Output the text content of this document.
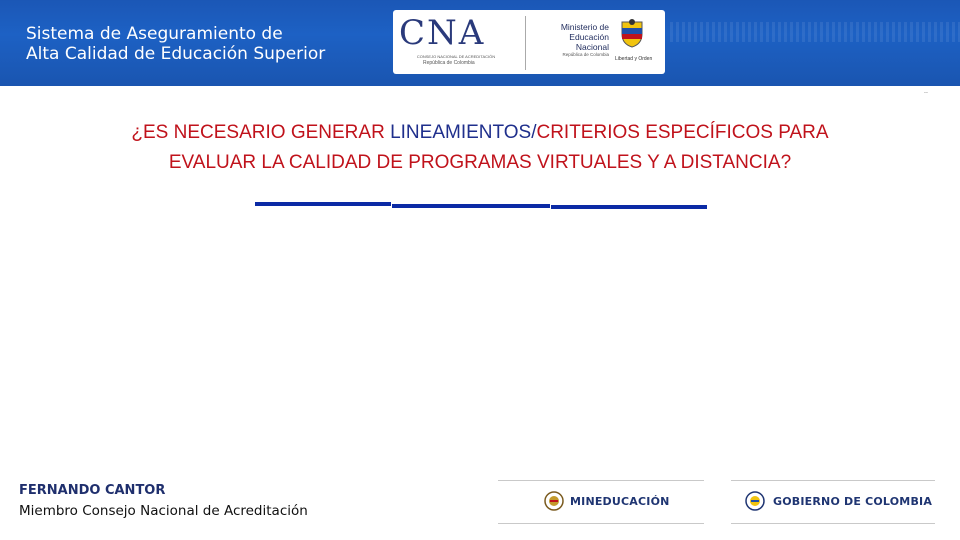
Sistema de Aseguramiento de
Alta Calidad de Educación Superior
CNA
CONSEJO NACIONAL DE ACREDITACIÓN
República de Colombia
Ministerio de
Educación Nacional
República de Colombia
Libertad y Orden
..
¿ES NECESARIO GENERAR LINEAMIENTOS/CRITERIOS ESPECÍFICOS PARA
EVALUAR LA CALIDAD DE PROGRAMAS VIRTUALES Y A DISTANCIA?
FERNANDO CANTOR
Miembro Consejo Nacional de Acreditación
MINEDUCACIÓN	GOBIERNO DE COLOMBIA
